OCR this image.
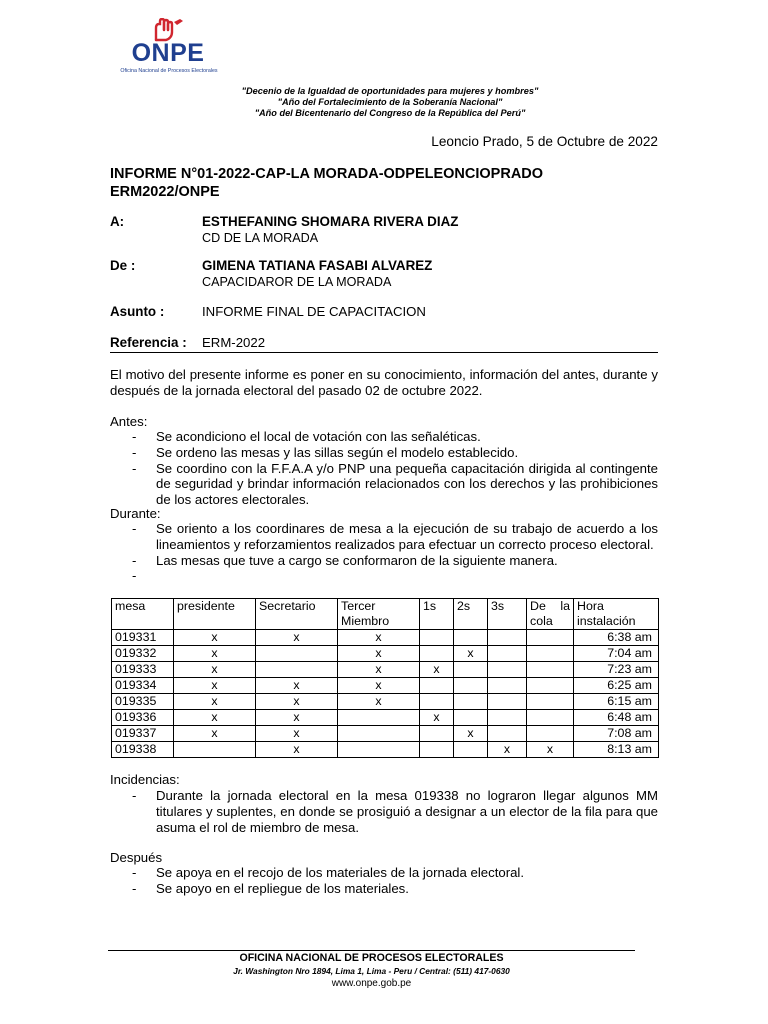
ONPE
Oficina Nacional de Procesos Electorales
"Decenio de la Igualdad de oportunidades para mujeres y hombres"
"Año del Fortalecimiento de la Soberanía Nacional"
"Año del Bicentenario del Congreso de la República del Perú"
Leoncio Prado, 5 de Octubre de 2022
INFORME N°01-2022-CAP-LA MORADA-ODPELEONCIOPRADO
ERM2022/ONPE
A:	ESTHEFANING SHOMARA RIVERA DIAZ
CD DE LA MORADA
De :	GIMENA TATIANA FASABI ALVAREZ
CAPACIDAROR DE LA MORADA
Asunto :	INFORME FINAL DE CAPACITACION
Referencia : ERM-2022
El motivo del presente informe es poner en su conocimiento, información del antes, durante y después de la jornada electoral del pasado 02 de octubre 2022.
Antes:
- Se acondiciono el local de votación con las señaléticas.
- Se ordeno las mesas y las sillas según el modelo establecido.
- Se coordino con la F.F.A.A y/o PNP una pequeña capacitación dirigida al contingente de seguridad y brindar información relacionados con los derechos y las prohibiciones de los actores electorales.
Durante:
- Se oriento a los coordinares de mesa a la ejecución de su trabajo de acuerdo a los lineamientos y reforzamientos realizados para efectuar un correcto proceso electoral.
- Las mesas que tuve a cargo se conformaron de la siguiente manera.
-
mesa	presidente	Secretario	Tercer Miembro	1s	2s	3s	De la cola	Hora instalación
019331	x	x	x					6:38 am
019332	x		x		x			7:04 am
019333	x		x	x				7:23 am
019334	x	x	x					6:25 am
019335	x	x	x					6:15 am
019336	x	x		x				6:48 am
019337	x	x			x			7:08 am
019338		x				x	x	8:13 am
Incidencias:
- Durante la jornada electoral en la mesa 019338 no lograron llegar algunos MM titulares y suplentes, en donde se prosiguió a designar a un elector de la fila para que asuma el rol de miembro de mesa.
Después
- Se apoya en el recojo de los materiales de la jornada electoral.
- Se apoyo en el repliegue de los materiales.
OFICINA NACIONAL DE PROCESOS ELECTORALES
Jr. Washington Nro 1894, Lima 1, Lima - Peru / Central: (511) 417-0630
www.onpe.gob.pe
